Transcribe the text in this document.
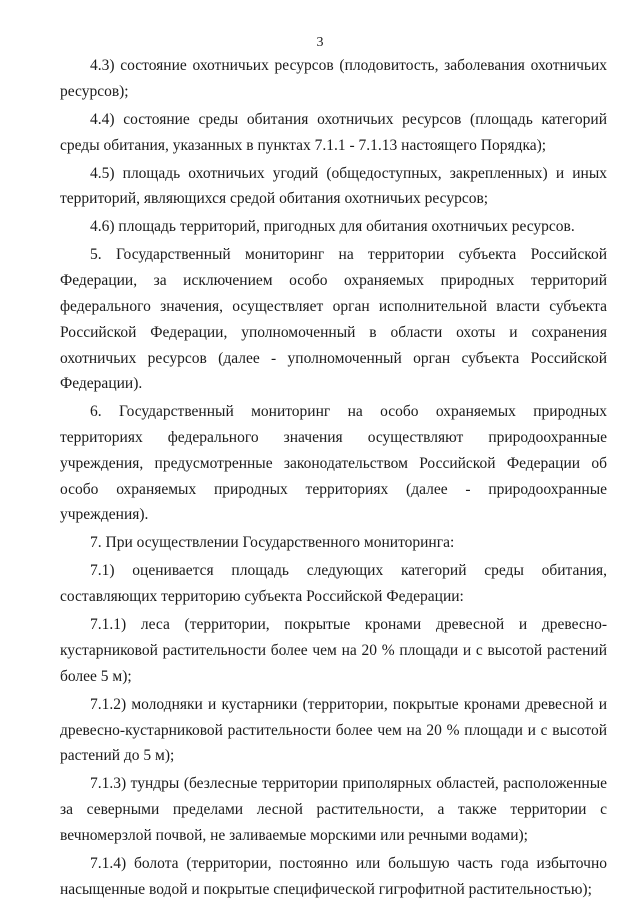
3

4.3) состояние охотничьих ресурсов (плодовитость, заболевания охотничьих ресурсов);

4.4) состояние среды обитания охотничьих ресурсов (площадь категорий среды обитания, указанных в пунктах 7.1.1 - 7.1.13 настоящего Порядка);

4.5) площадь охотничьих угодий (общедоступных, закрепленных) и иных территорий, являющихся средой обитания охотничьих ресурсов;

4.6) площадь территорий, пригодных для обитания охотничьих ресурсов.

5. Государственный мониторинг на территории субъекта Российской Федерации, за исключением особо охраняемых природных территорий федерального значения, осуществляет орган исполнительной власти субъекта Российской Федерации, уполномоченный в области охоты и сохранения охотничьих ресурсов (далее - уполномоченный орган субъекта Российской Федерации).

6. Государственный мониторинг на особо охраняемых природных территориях федерального значения осуществляют природоохранные учреждения, предусмотренные законодательством Российской Федерации об особо охраняемых природных территориях (далее - природоохранные учреждения).

7. При осуществлении Государственного мониторинга:

7.1) оценивается площадь следующих категорий среды обитания, составляющих территорию субъекта Российской Федерации:

7.1.1) леса (территории, покрытые кронами древесной и древесно-кустарниковой растительности более чем на 20 % площади и с высотой растений более 5 м);

7.1.2) молодняки и кустарники (территории, покрытые кронами древесной и древесно-кустарниковой растительности более чем на 20 % площади и с высотой растений до 5 м);

7.1.3) тундры (безлесные территории приполярных областей, расположенные за северными пределами лесной растительности, а также территории с вечномерзлой почвой, не заливаемые морскими или речными водами);

7.1.4) болота (территории, постоянно или большую часть года избыточно насыщенные водой и покрытые специфической гигрофитной растительностью);
